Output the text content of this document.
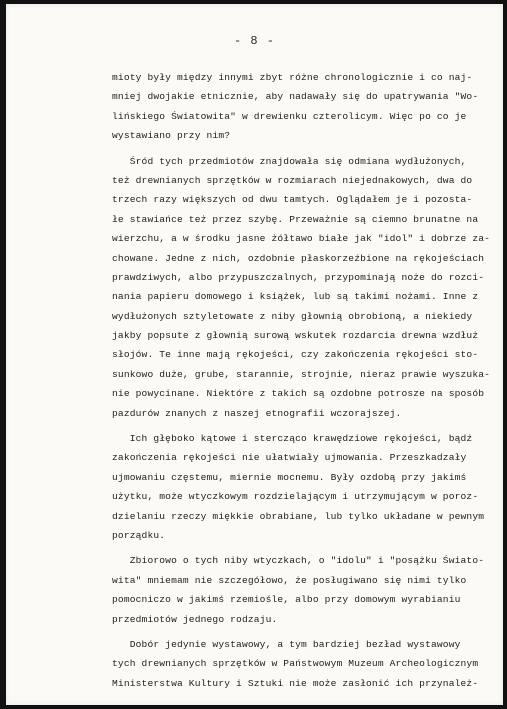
- 8 -
mioty były między innymi zbyt różne chronologicznie i co naj-
mniej dwojakie etnicznie, aby nadawały się do upatrywania "Wo-
lińskiego Światowita" w drewienku czterolicym. Więc po co je
wystawiano przy nim?
Śród tych przedmiotów znajdowała się odmiana wydłużonych,
też drewnianych sprzętków w rozmiarach niejednakowych, dwa do
trzech razy większych od dwu tamtych. Oglądałem je i pozosta-
łe stawiańce też przez szybę. Przeważnie są ciemno brunatne na
wierzchu, a w środku jasne żółtawo białe jak "idol" i dobrze za-
chowane. Jedne z nich, ozdobnie płaskorzeźbione na rękojeściach
prawdziwych, albo przypuszczalnych, przypominają noże do rozci-
nania papieru domowego i książek, lub są takimi nożami. Inne z
wydłużonych sztyletowate z niby głownią obrobioną, a niekiedy
jakby popsute z głownią surową wskutek rozdarcia drewna wzdłuż
słojów. Te inne mają rękojeści, czy zakończenia rękojeści sto-
sunkowo duże, grube, starannie, strojnie, nieraz prawie wyszuka-
nie powycinane. Niektóre z takich są ozdobne potrosze na sposób
pazdurów znanych z naszej etnografii wczorajszej.
Ich głęboko kątowe i stercząco krawędziowe rękojeści, bądź
zakończenia rękojeści nie ułatwiały ujmowania. Przeszkadzały
ujmowaniu częstemu, miernie mocnemu. Były ozdobą przy jakimś
użytku, może wtyczkowym rozdzielającym i utrzymującym w poroz-
dzielaniu rzeczy miękkie obrabiane, lub tylko układane w pewnym
porządku.
Zbiorowo o tych niby wtyczkach, o "idolu" i "posążku Świato-
wita" mniemam nie szczegółowo, że posługiwano się nimi tylko
pomocniczo w jakimś rzemiośle, albo przy domowym wyrabianiu
przedmiotów jednego rodzaju.
Dobór jedynie wystawowy, a tym bardziej bezład wystawowy
tych drewnianych sprzętków w Państwowym Muzeum Archeologicznym
Ministerstwa Kultury i Sztuki nie może zasłonić ich przynależ-
